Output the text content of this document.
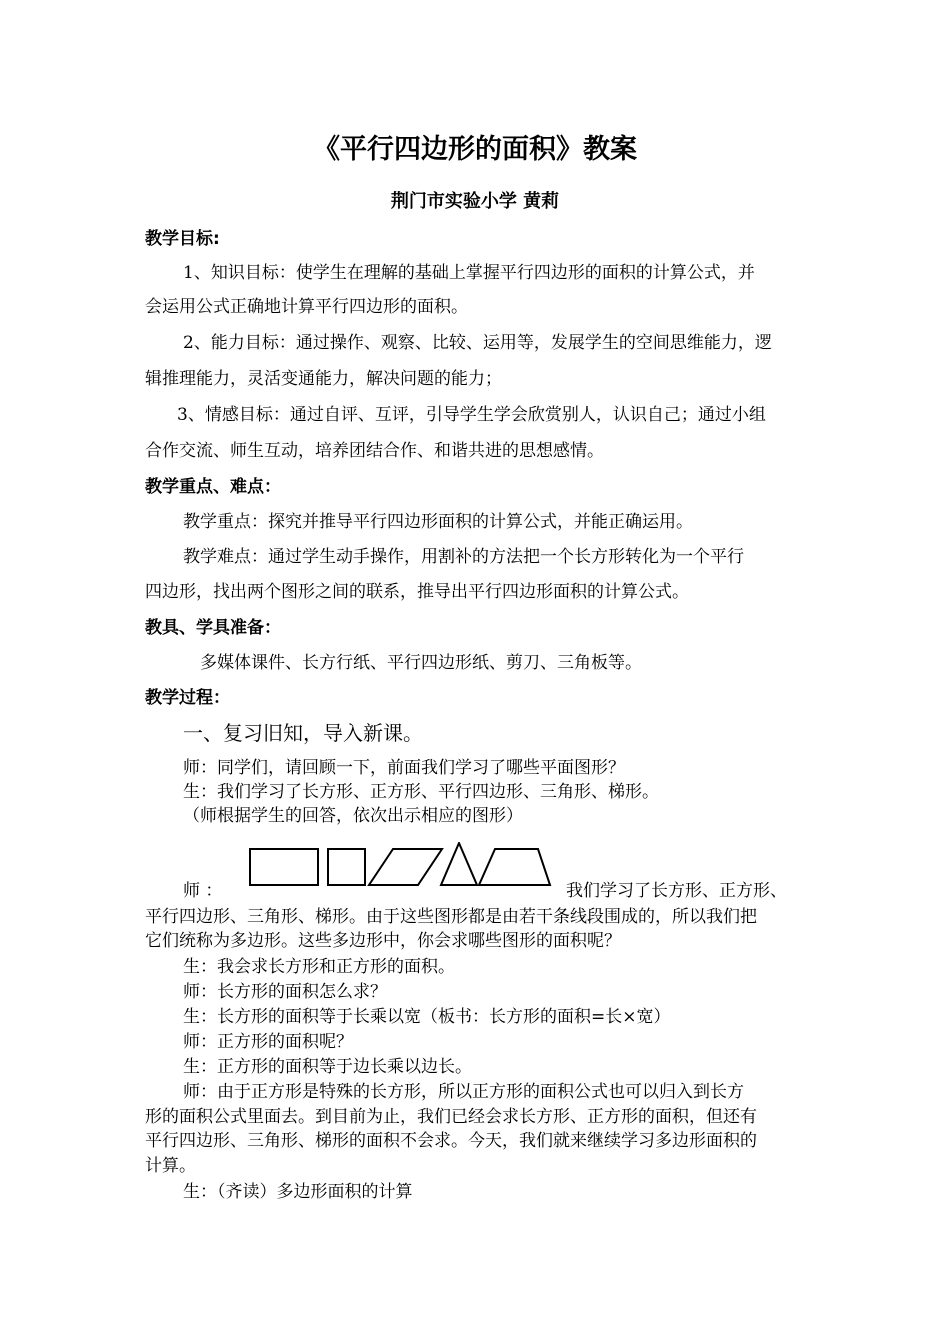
《平行四边形的面积》教案
荆门市实验小学 黄莉
教学目标:
1、知识目标：使学生在理解的基础上掌握平行四边形的面积的计算公式，并
会运用公式正确地计算平行四边形的面积。
2、能力目标：通过操作、观察、比较、运用等，发展学生的空间思维能力，逻
辑推理能力，灵活变通能力，解决问题的能力；
3、情感目标：通过自评、互评，引导学生学会欣赏别人，认识自己；通过小组
合作交流、师生互动，培养团结合作、和谐共进的思想感情。
教学重点、难点：
教学重点：探究并推导平行四边形面积的计算公式，并能正确运用。
教学难点：通过学生动手操作，用割补的方法把一个长方形转化为一个平行
四边形，找出两个图形之间的联系，推导出平行四边形面积的计算公式。
教具、学具准备：
多媒体课件、长方行纸、平行四边形纸、剪刀、三角板等。
教学过程：
一、复习旧知，导入新课。
师：同学们，请回顾一下，前面我们学习了哪些平面图形？
生：我们学习了长方形、正方形、平行四边形、三角形、梯形。
（师根据学生的回答，依次出示相应的图形）
师 ：	我们学习了长方形、正方形、
平行四边形、三角形、梯形。由于这些图形都是由若干条线段围成的，所以我们把
它们统称为多边形。这些多边形中，你会求哪些图形的面积呢？
生：我会求长方形和正方形的面积。
师：长方形的面积怎么求？
生：长方形的面积等于长乘以宽（板书：长方形的面积=长×宽）
师：正方形的面积呢？
生：正方形的面积等于边长乘以边长。
师：由于正方形是特殊的长方形，所以正方形的面积公式也可以归入到长方
形的面积公式里面去。到目前为止，我们已经会求长方形、正方形的面积，但还有
平行四边形、三角形、梯形的面积不会求。今天，我们就来继续学习多边形面积的
计算。
生：（齐读）多边形面积的计算
